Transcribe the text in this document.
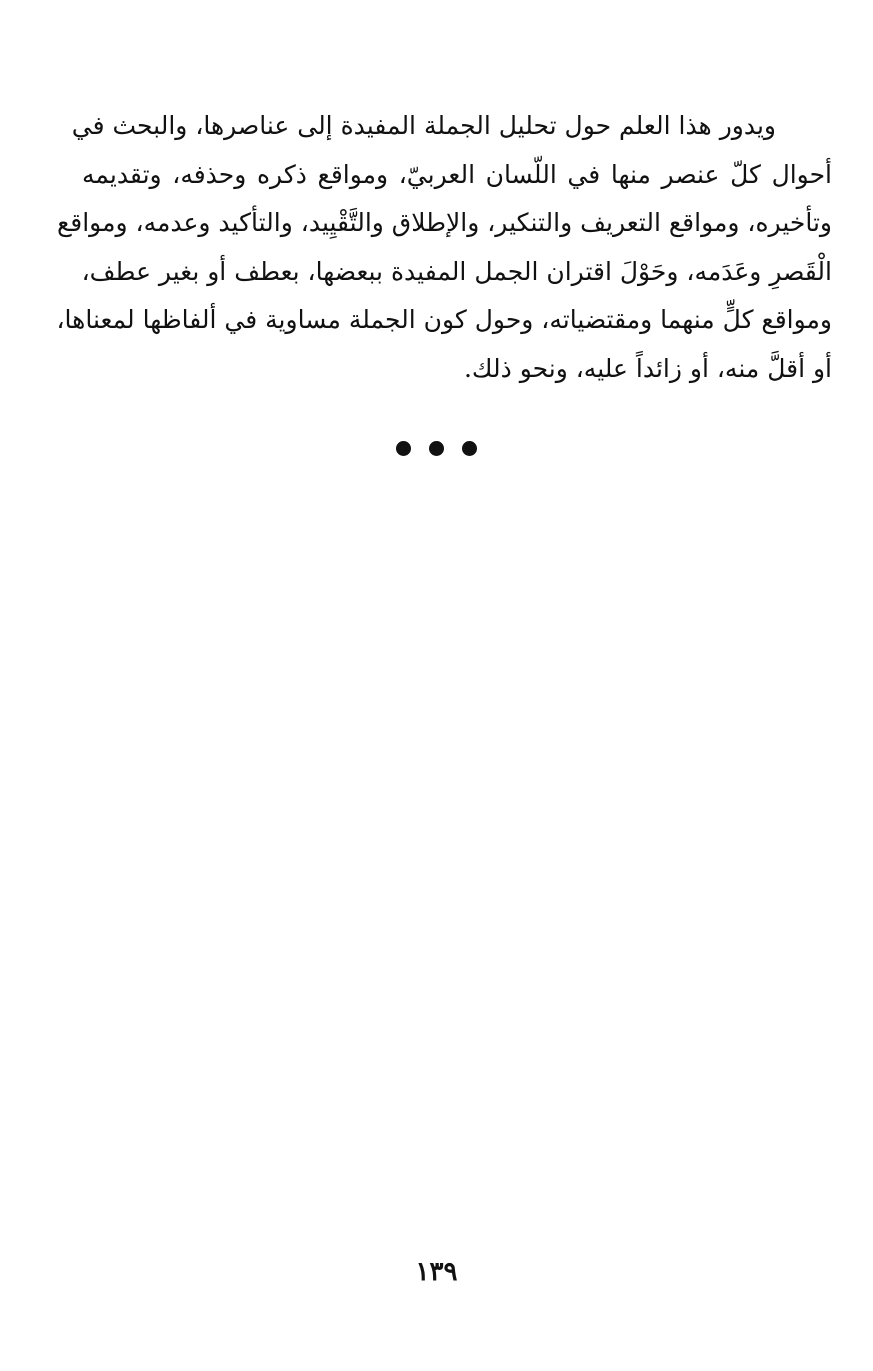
ويدور هذا العلم حول تحليل الجملة المفيدة إلى عناصرها، والبحث في
أحوال كلّ عنصر منها في اللّسان العربيّ، ومواقع ذكره وحذفه، وتقديمه
وتأخيره، ومواقع التعريف والتنكير، والإطلاق والتَّقْيِيد، والتأكيد وعدمه، ومواقع
الْقَصرِ وعَدَمه، وحَوْلَ اقتران الجمل المفيدة ببعضها، بعطف أو بغير عطف،
ومواقع كلٍّ منهما ومقتضياته، وحول كون الجملة مساوية في ألفاظها لمعناها،
أو أقلَّ منه، أو زائداً عليه، ونحو ذلك.
١٣٩
